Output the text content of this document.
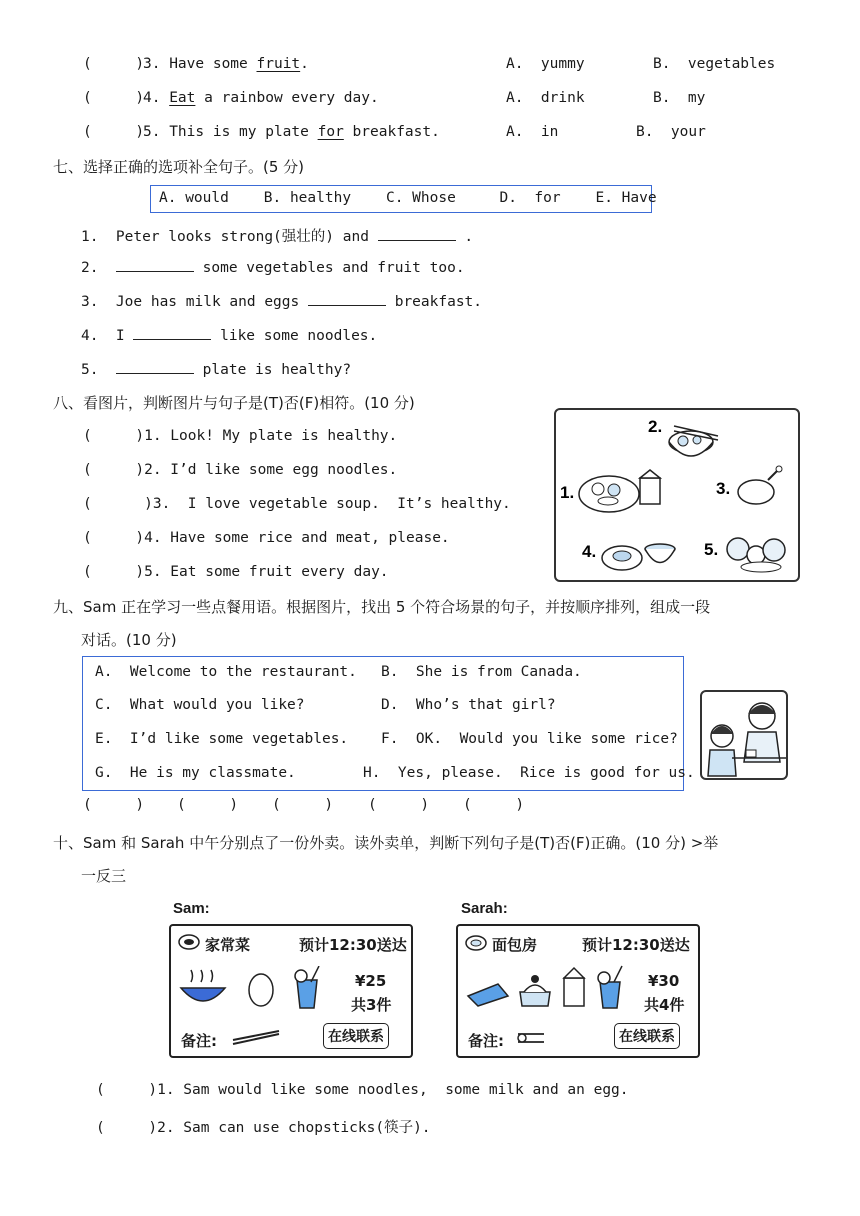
(     )
3. Have some fruit.	A.  yummy	B.  vegetables
(     )
4. Eat a rainbow every day.	A.  drink	B.  my
(     )
5. This is my plate for breakfast.	A.  in	B.  your
七、选择正确的选项补全句子。(5 分)
A. would    B. healthy    C. Whose     D.  for    E. Have
1.  Peter looks strong(强壮的) and	.
2.	some vegetables and fruit too.
3.  Joe has milk and eggs	breakfast.
4.  I	like some noodles.
5.	plate is healthy?
八、看图片，判断图片与句子是(T)否(F)相符。(10 分)
(     )1. Look! My plate is healthy.
(     )2. I’d like some egg noodles.
(      )3.  I love vegetable soup.  It’s healthy.
(     )4. Have some rice and meat, please.
(     )5. Eat some fruit every day.
2.
1.	3.
4.	5.
九、Sam 正在学习一些点餐用语。根据图片，找出 5 个符合场景的句子，并按顺序排列，组成一段
对话。(10 分)
A.  Welcome to the restaurant. B.  She is from Canada.
C.  What would you like?	D.  Who’s that girl?
E.  I’d like some vegetables. F.  OK.  Would you like some rice?
G.  He is my classmate.	H.  Yes, please.  Rice is good for us.
(     ) (     ) (     ) (     ) (     )
十、Sam 和 Sarah 中午分别点了一份外卖。读外卖单，判断下列句子是(T)否(F)正确。(10 分) >举
一反三
Sam:
家常菜	预计12:30送达
¥25
共3件
备注:	在线联系
Sarah:
面包房	预计12:30送达
¥30
共4件
备注:	在线联系
(     )1. Sam would like some noodles,  some milk and an egg.
(     )2. Sam can use chopsticks(筷子).
